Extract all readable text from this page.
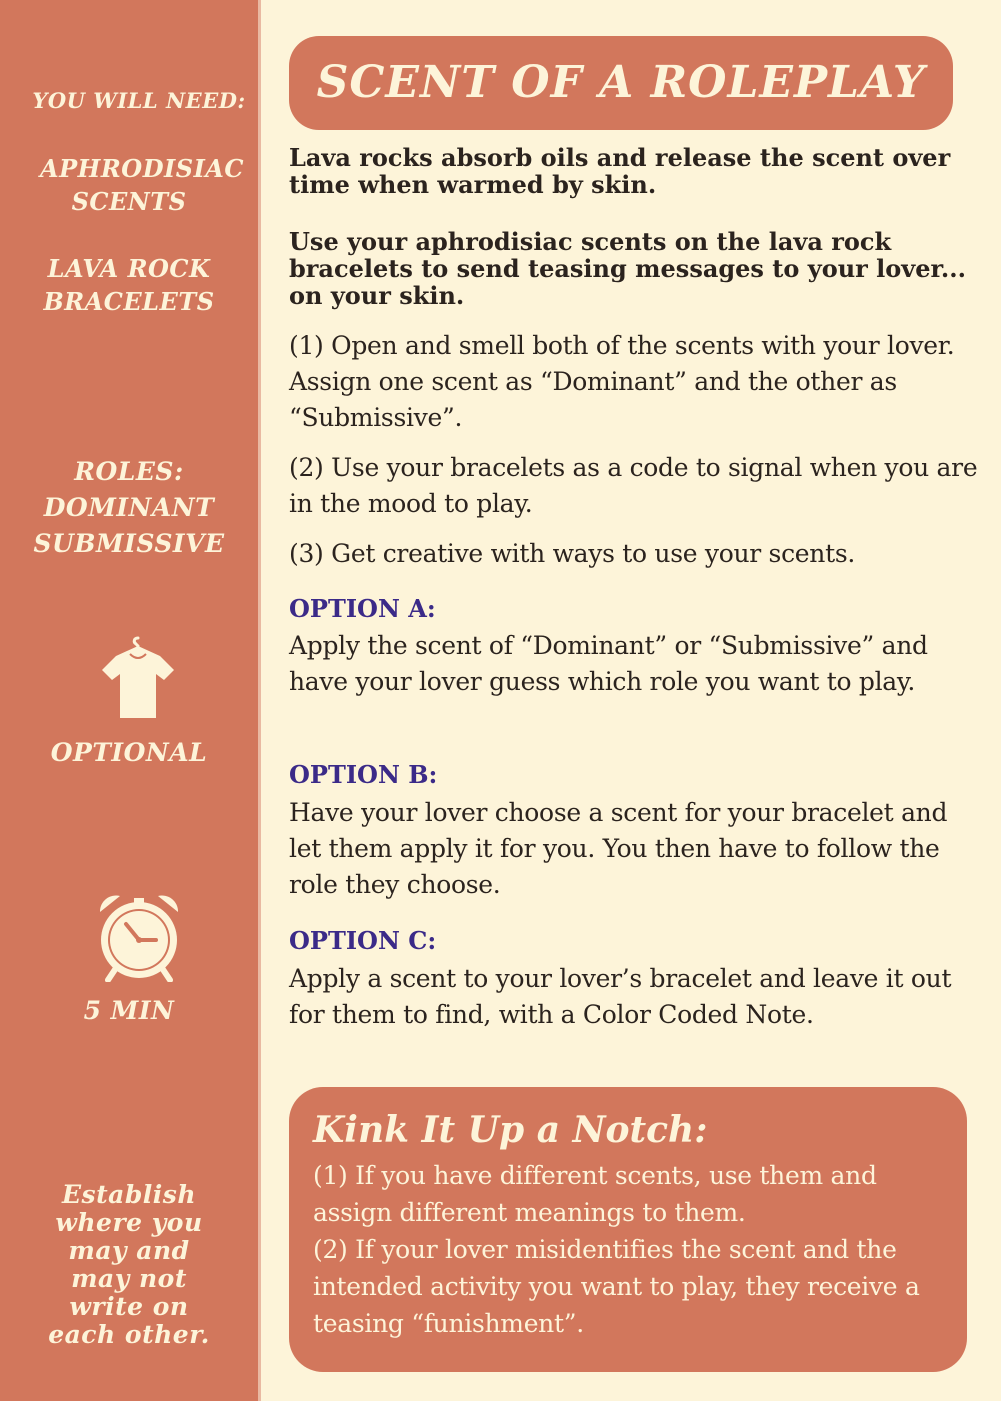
YOU WILL NEED:
APHRODISIAC SCENTS
LAVA ROCK BRACELETS
ROLES: DOMINANT SUBMISSIVE
OPTIONAL
5 MIN
Establish where you may and may not write on each other.
SCENT OF A ROLEPLAY

Lava rocks absorb oils and release the scent over time when warmed by skin.

Use your aphrodisiac scents on the lava rock bracelets to send teasing messages to your lover... on your skin.

(1) Open and smell both of the scents with your lover. Assign one scent as “Dominant” and the other as “Submissive”.

(2) Use your bracelets as a code to signal when you are in the mood to play.

(3) Get creative with ways to use your scents.

OPTION A:

Apply the scent of “Dominant” or “Submissive” and have your lover guess which role you want to play.

OPTION B:

Have your lover choose a scent for your bracelet and let them apply it for you. You then have to follow the role they choose.

OPTION C:

Apply a scent to your lover’s bracelet and leave it out for them to find, with a Color Coded Note.

Kink It Up a Notch:

(1) If you have different scents, use them and assign different meanings to them.

(2) If your lover misidentifies the scent and the intended activity you want to play, they receive a teasing “funishment”.
